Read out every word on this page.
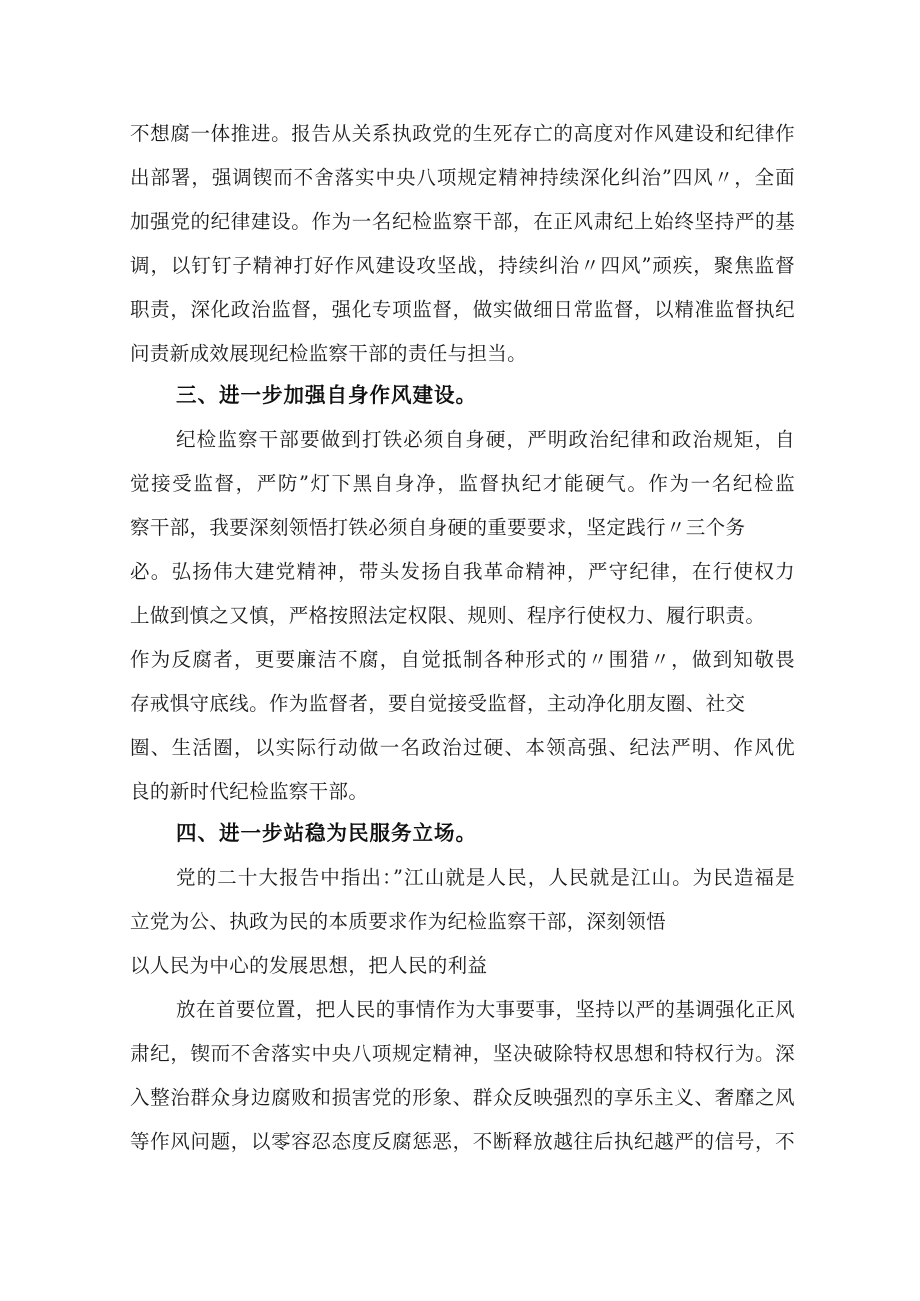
不想腐一体推进。报告从关系执政党的生死存亡的高度对作风建设和纪律作
出部署，强调锲而不舍落实中央八项规定精神持续深化纠治”四风〃，全面
加强党的纪律建设。作为一名纪检监察干部，在正风肃纪上始终坚持严的基
调，以钉钉子精神打好作风建设攻坚战，持续纠治〃四风”顽疾，聚焦监督
职责，深化政治监督，强化专项监督，做实做细日常监督，以精准监督执纪
问责新成效展现纪检监察干部的责任与担当。
三、进一步加强自身作风建设。
纪检监察干部要做到打铁必须自身硬，严明政治纪律和政治规矩，自
觉接受监督，严防”灯下黑自身净，监督执纪才能硬气。作为一名纪检监
察干部，我要深刻领悟打铁必须自身硬的重要要求，坚定践行〃三个务
必。弘扬伟大建党精神，带头发扬自我革命精神，严守纪律，在行使权力
上做到慎之又慎，严格按照法定权限、规则、程序行使权力、履行职责。
作为反腐者，更要廉洁不腐，自觉抵制各种形式的〃围猎〃，做到知敬畏
存戒惧守底线。作为监督者，要自觉接受监督，主动净化朋友圈、社交
圈、生活圈，以实际行动做一名政治过硬、本领高强、纪法严明、作风优
良的新时代纪检监察干部。
四、进一步站稳为民服务立场。
党的二十大报告中指出：”江山就是人民，人民就是江山。为民造福是
立党为公、执政为民的本质要求作为纪检监察干部，深刻领悟
以人民为中心的发展思想，把人民的利益
放在首要位置，把人民的事情作为大事要事，坚持以严的基调强化正风
肃纪，锲而不舍落实中央八项规定精神，坚决破除特权思想和特权行为。深
入整治群众身边腐败和损害党的形象、群众反映强烈的享乐主义、奢靡之风
等作风问题，以零容忍态度反腐惩恶，不断释放越往后执纪越严的信号，不
